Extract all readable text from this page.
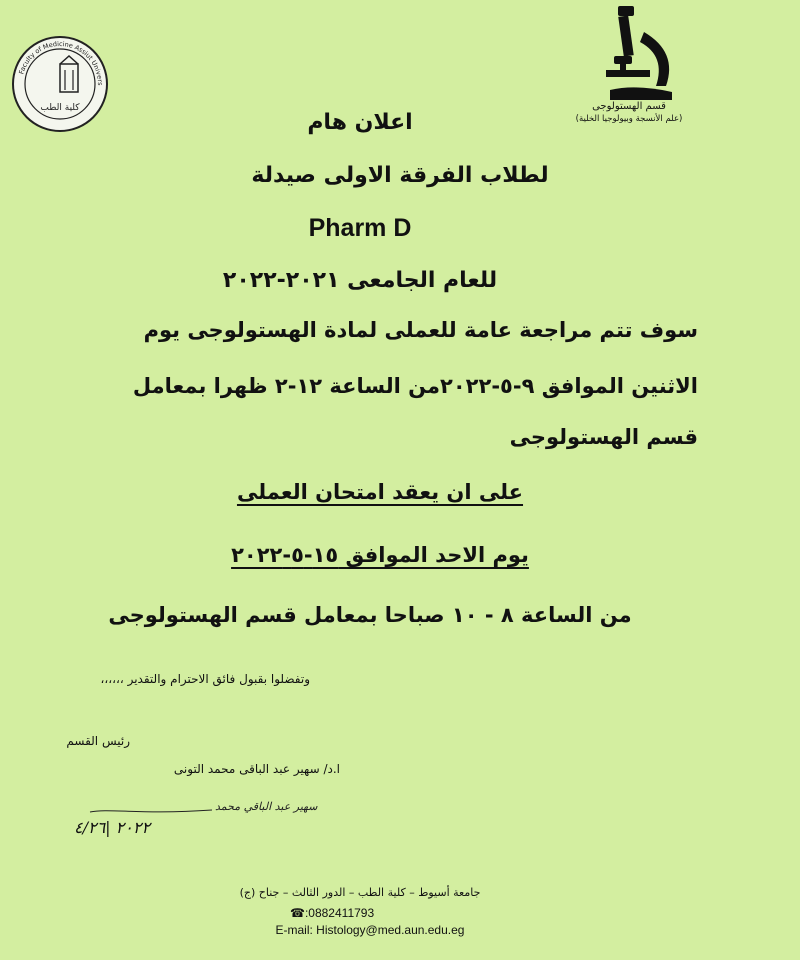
Faculty of Medicine Assiut Univers
كلية الطب	قسم الهستولوجى
(علم الأنسجة وبيولوجيا الخلية)
اعلان هام
لطلاب الفرقة الاولى صيدلة
Pharm D
للعام الجامعى ٢٠٢١-٢٠٢٢
سوف تتم مراجعة عامة للعملى لمادة الهستولوجى يوم
الاثنين الموافق ٩-٥-٢٠٢٢من الساعة ١٢-٢ ظهرا بمعامل
قسم الهستولوجى
على ان يعقد امتحان العملى
يوم الاحد الموافق ١٥-٥-٢٠٢٢
من الساعة ٨ - ١٠ صباحا بمعامل قسم الهستولوجى
وتفضلوا بقبول فائق الاحترام والتقدير ،،،،،،
رئيس القسم
ا.د/ سهير عبد الباقى محمد التونى
سهير عبد الباقي محمد
٢٠٢٢ |٤/٢٦
جامعة أسيوط – كلية الطب – الدور الثالث – جناح (ج)
☎:0882411793
E-mail: Histology@med.aun.edu.eg
